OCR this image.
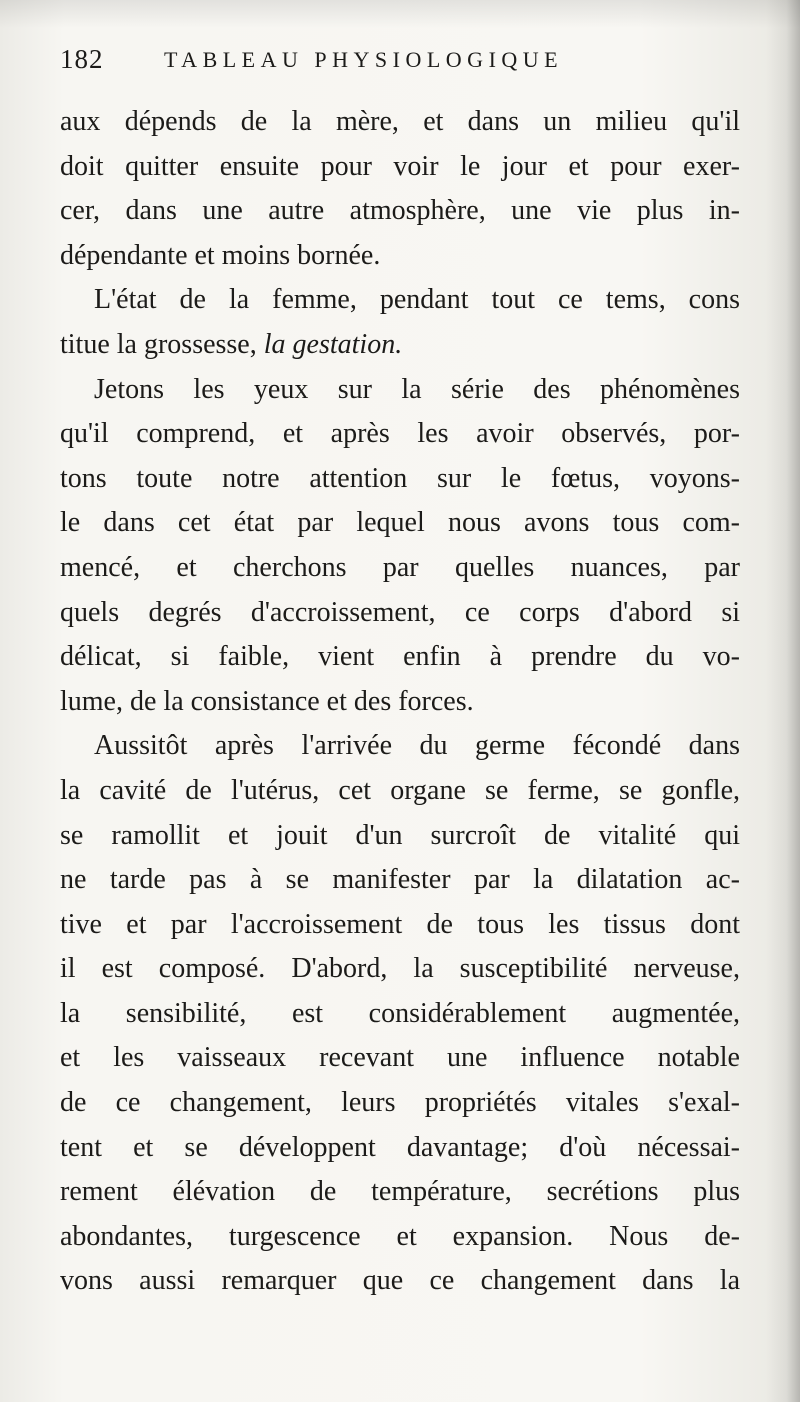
182	TABLEAU PHYSIOLOGIQUE

aux dépends de la mère, et dans un milieu qu'il
doit quitter ensuite pour voir le jour et pour exer-
cer, dans une autre atmosphère, une vie plus in-
dépendante et moins bornée.

L'état de la femme, pendant tout ce tems, cons
titue la grossesse, la gestation.

Jetons les yeux sur la série des phénomènes
qu'il comprend, et après les avoir observés, por-
tons toute notre attention sur le fœtus, voyons-
le dans cet état par lequel nous avons tous com-
mencé, et cherchons par quelles nuances, par
quels degrés d'accroissement, ce corps d'abord si
délicat, si faible, vient enfin à prendre du vo-
lume, de la consistance et des forces.

Aussitôt après l'arrivée du germe fécondé dans
la cavité de l'utérus, cet organe se ferme, se gonfle,
se ramollit et jouit d'un surcroît de vitalité qui
ne tarde pas à se manifester par la dilatation ac-
tive et par l'accroissement de tous les tissus dont
il est composé. D'abord, la susceptibilité nerveuse,
la sensibilité, est considérablement augmentée,
et les vaisseaux recevant une influence notable
de ce changement, leurs propriétés vitales s'exal-
tent et se développent davantage; d'où nécessai-
rement élévation de température, secrétions plus
abondantes, turgescence et expansion. Nous de-
vons aussi remarquer que ce changement dans la
